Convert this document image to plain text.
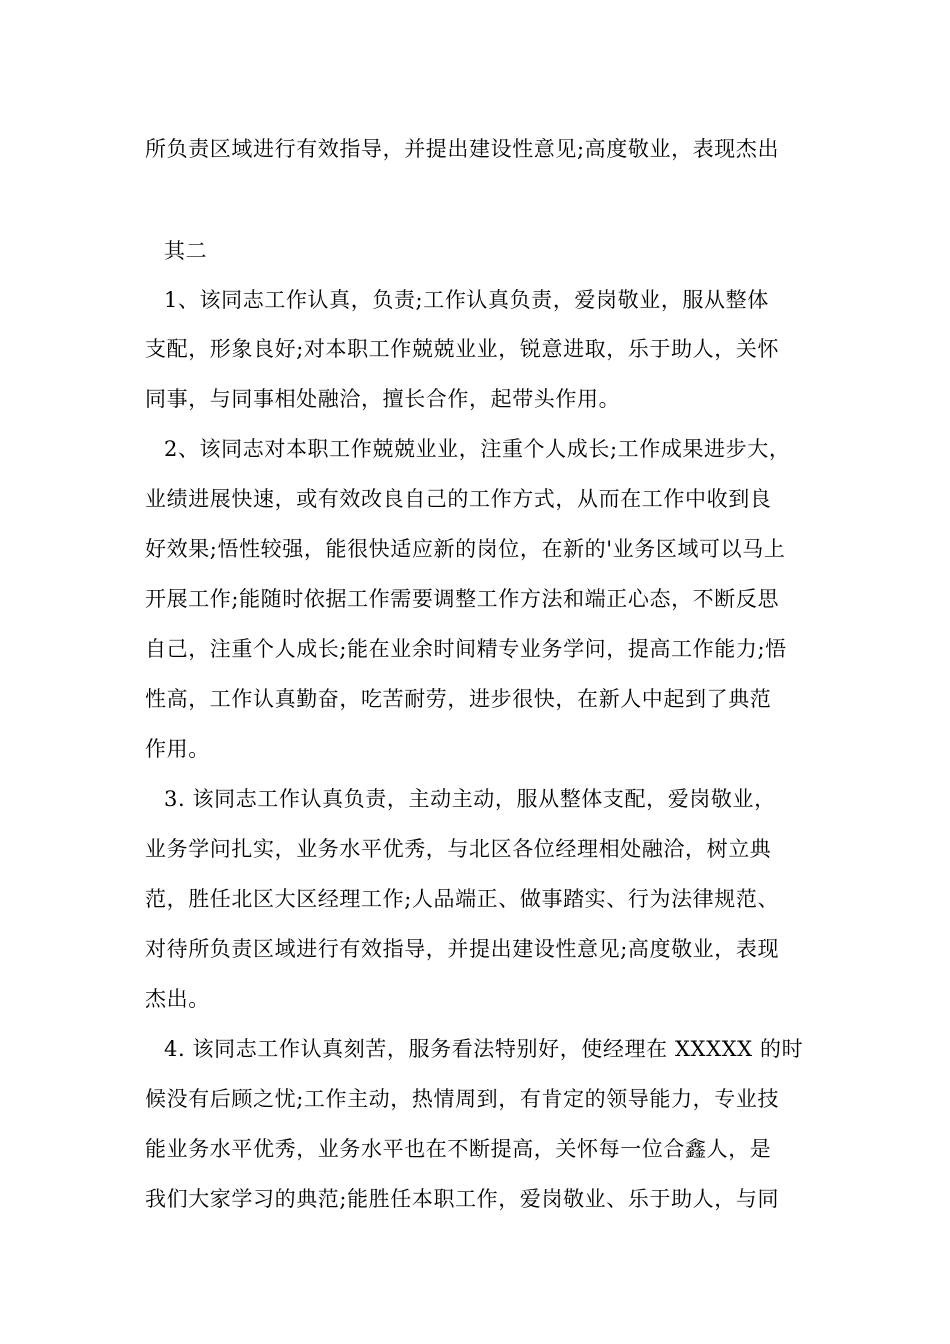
所负责区域进行有效指导，并提出建设性意见;高度敬业，表现杰出
其二
1、该同志工作认真，负责;工作认真负责，爱岗敬业，服从整体
支配，形象良好;对本职工作兢兢业业，锐意进取，乐于助人，关怀
同事，与同事相处融洽，擅长合作，起带头作用。
2、该同志对本职工作兢兢业业，注重个人成长;工作成果进步大，
业绩进展快速，或有效改良自己的工作方式，从而在工作中收到良
好效果;悟性较强，能很快适应新的岗位，在新的'业务区域可以马上
开展工作;能随时依据工作需要调整工作方法和端正心态，不断反思
自己，注重个人成长;能在业余时间精专业务学问，提高工作能力;悟
性高，工作认真勤奋，吃苦耐劳，进步很快，在新人中起到了典范
作用。
3. 该同志工作认真负责，主动主动，服从整体支配，爱岗敬业，
业务学问扎实，业务水平优秀，与北区各位经理相处融洽，树立典
范，胜任北区大区经理工作;人品端正、做事踏实、行为法律规范、
对待所负责区域进行有效指导，并提出建设性意见;高度敬业，表现
杰出。
4. 该同志工作认真刻苦，服务看法特别好，使经理在 XXXXX 的时
候没有后顾之忧;工作主动，热情周到，有肯定的领导能力，专业技
能业务水平优秀，业务水平也在不断提高，关怀每一位合鑫人，是
我们大家学习的典范;能胜任本职工作，爱岗敬业、乐于助人，与同
